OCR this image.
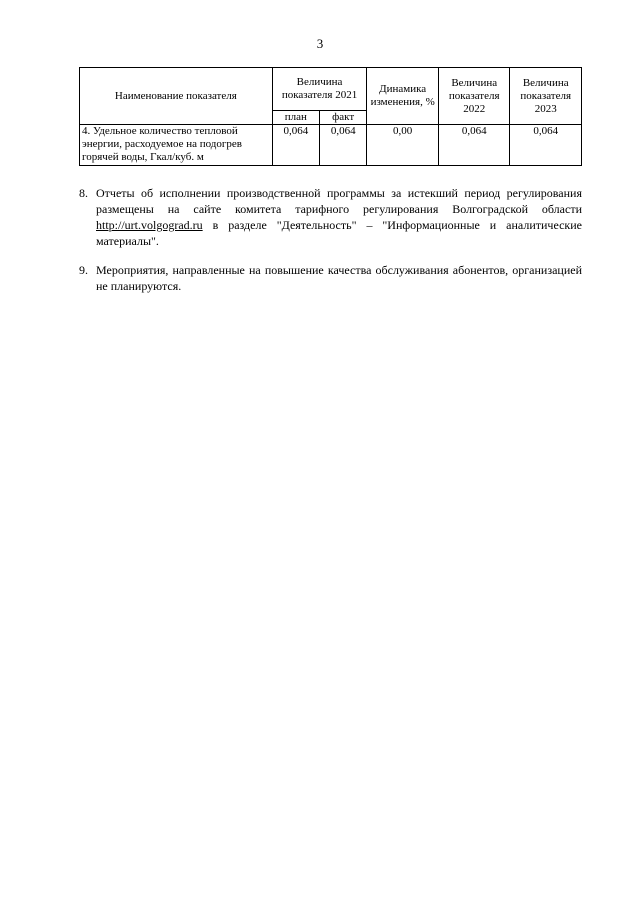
3
Наименование показателя	Величина показателя 2021		Динамика изменения, %	Величина показателя 2022	Величина показателя 2023
	план	факт			
4. Удельное количество тепловой энергии, расходуемое на подогрев горячей воды, Гкал/куб. м	0,064	0,064	0,00	0,064	0,064
8. Отчеты об исполнении производственной программы за истекший период регулирования размещены на сайте комитета тарифного регулирования Волгоградской области http://urt.volgograd.ru в разделе "Деятельность" – "Информационные и аналитические материалы".
9. Мероприятия, направленные на повышение качества обслуживания абонентов, организацией не планируются.
